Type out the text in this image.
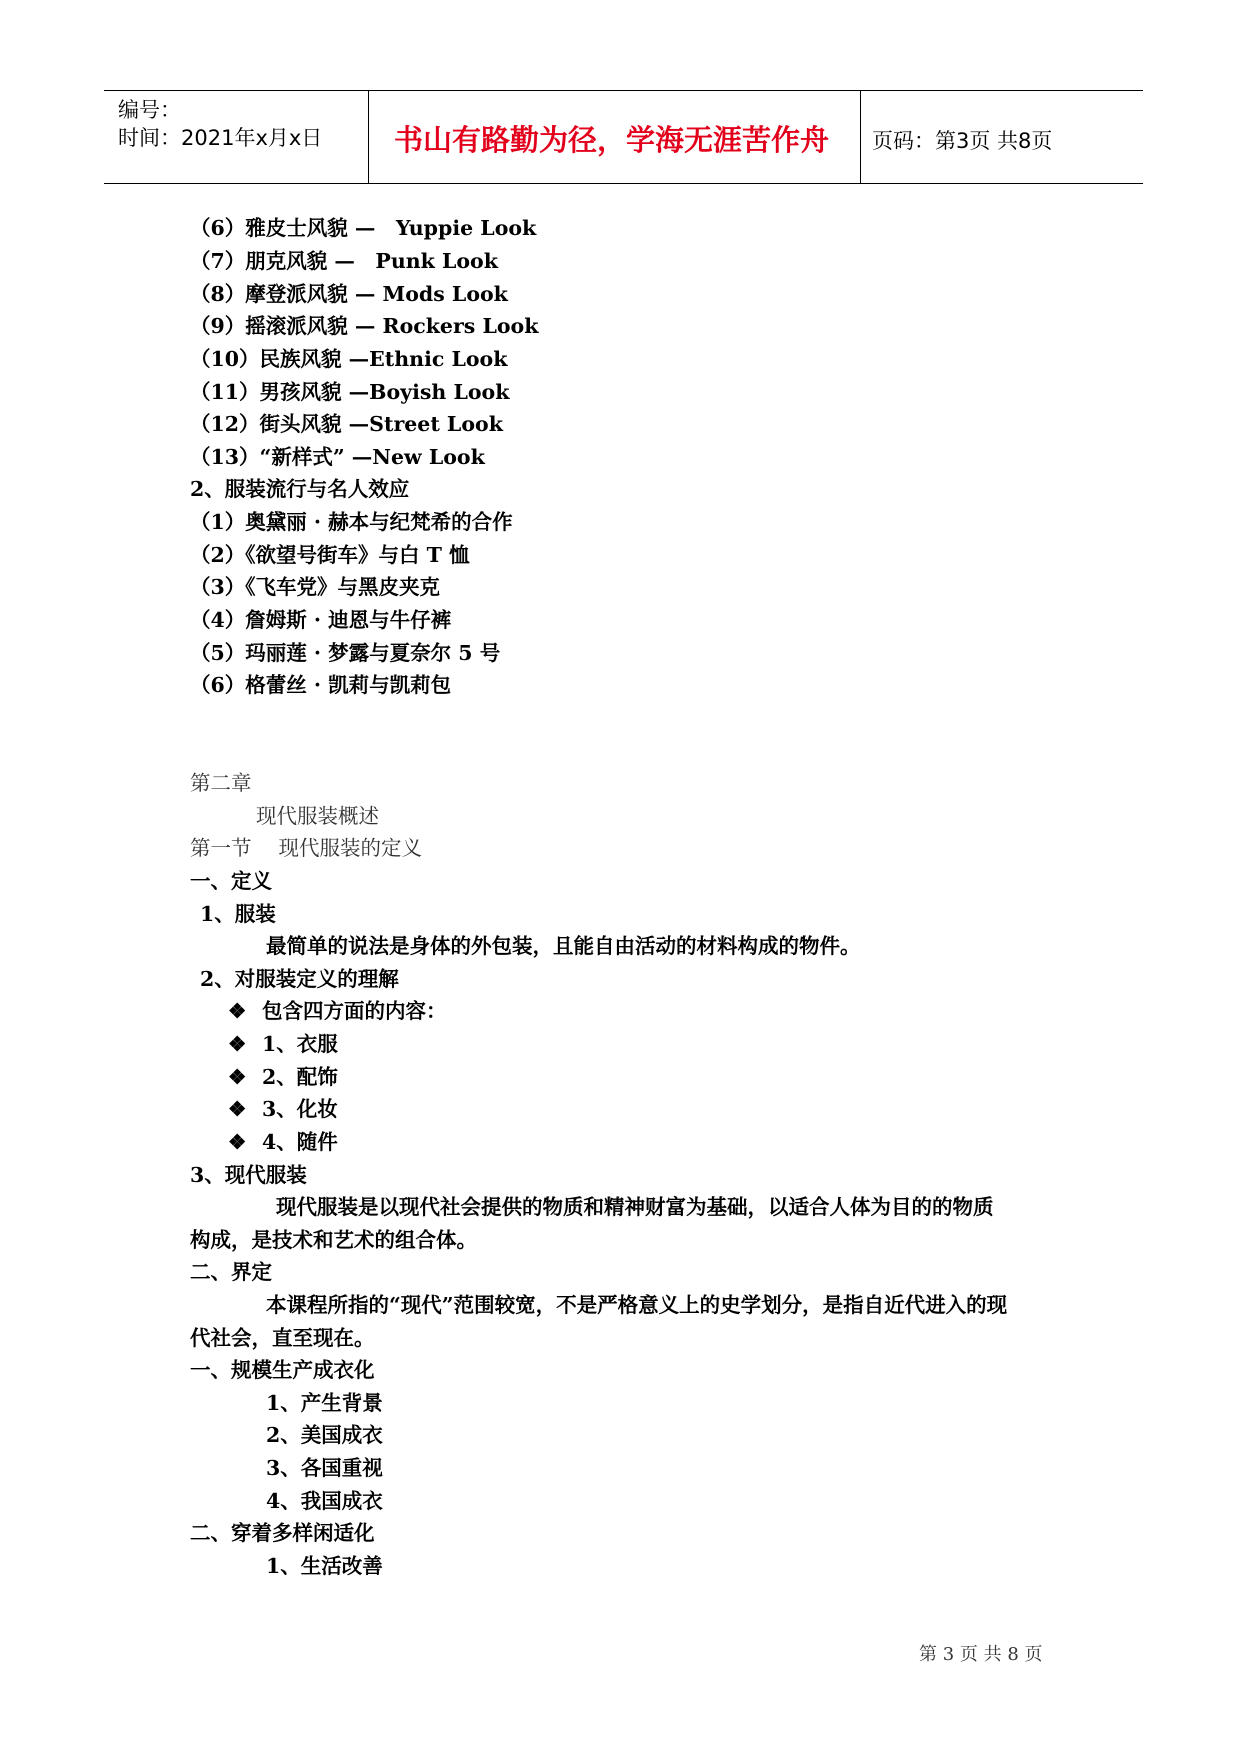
编号：
时间：2021年x月x日 书山有路勤为径，学海无涯苦作舟 页码：第3页 共8页
（6）雅皮士风貌 —　Yuppie Look
（7）朋克风貌 —　Punk Look
（8）摩登派风貌 — Mods Look
（9）摇滚派风貌 — Rockers Look
（10）民族风貌 —Ethnic Look
（11）男孩风貌 —Boyish Look
（12）街头风貌 —Street Look
（13）“新样式” —New Look
2、服装流行与名人效应
（1）奥黛丽 · 赫本与纪梵希的合作
（2）《欲望号街车》与白 T 恤
（3）《飞车党》与黑皮夹克
（4）詹姆斯 · 迪恩与牛仔裤
（5）玛丽莲 · 梦露与夏奈尔 5 号
（6）格蕾丝 · 凯莉与凯莉包
第二章
现代服装概述
第一节　 现代服装的定义
一、定义
1、服装
最简单的说法是身体的外包装，且能自由活动的材料构成的物件。
2、对服装定义的理解
❖ 包含四方面的内容：
❖ 1、衣服
❖ 2、配饰
❖ 3、化妆
❖ 4、随件
3、现代服装
现代服装是以现代社会提供的物质和精神财富为基础，以适合人体为目的的物质
构成，是技术和艺术的组合体。
二、界定
本课程所指的“现代”范围较宽，不是严格意义上的史学划分，是指自近代进入的现
代社会，直至现在。
一、规模生产成衣化
1、产生背景
2、美国成衣
3、各国重视
4、我国成衣
二、穿着多样闲适化
1、生活改善
第 3 页 共 8 页
